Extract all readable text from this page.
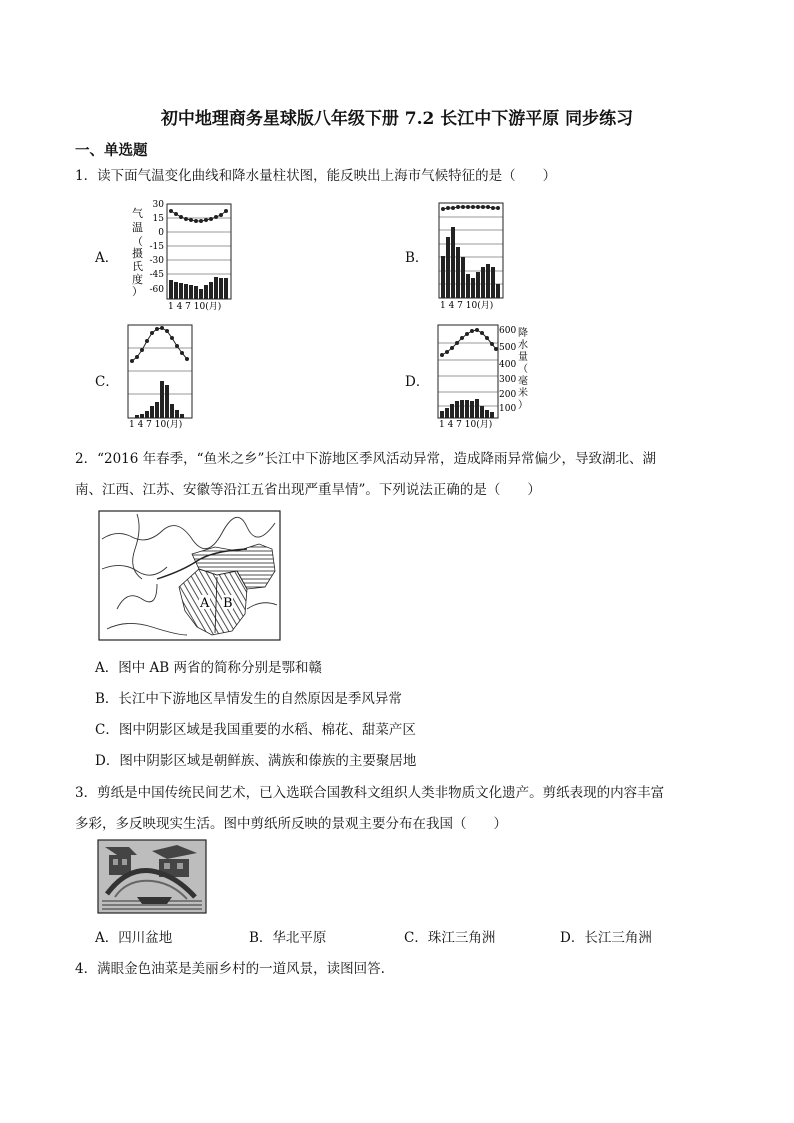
初中地理商务星球版八年级下册 7.2 长江中下游平原 同步练习
一、单选题
1．读下面气温变化曲线和降水量柱状图，能反映出上海市气候特征的是（　　）
A．	B．
C．	D．
气
温
（
摄
氏
度
）
30
15
0
-15
-30
-45
-60
1 4 7 10(月)	1 4 7 10(月)
1 4 7 10(月)
600
500
400
300
200
100
降
水
量
（
毫
米
）
1 4 7 10(月)
2．“2016 年春季，“鱼米之乡”长江中下游地区季风活动异常，造成降雨异常偏少，导致湖北、湖
南、江西、江苏、安徽等沿江五省出现严重旱情”。下列说法正确的是（　　）
A B
A．图中 AB 两省的简称分别是鄂和赣
B．长江中下游地区旱情发生的自然原因是季风异常
C．图中阴影区域是我国重要的水稻、棉花、甜菜产区
D．图中阴影区域是朝鲜族、满族和傣族的主要聚居地
3．剪纸是中国传统民间艺术，已入选联合国教科文组织人类非物质文化遗产。剪纸表现的内容丰富
多彩，多反映现实生活。图中剪纸所反映的景观主要分布在我国（　　）
A．四川盆地	B．华北平原	C．珠江三角洲	D．长江三角洲
4．满眼金色油菜是美丽乡村的一道风景，读图回答.
